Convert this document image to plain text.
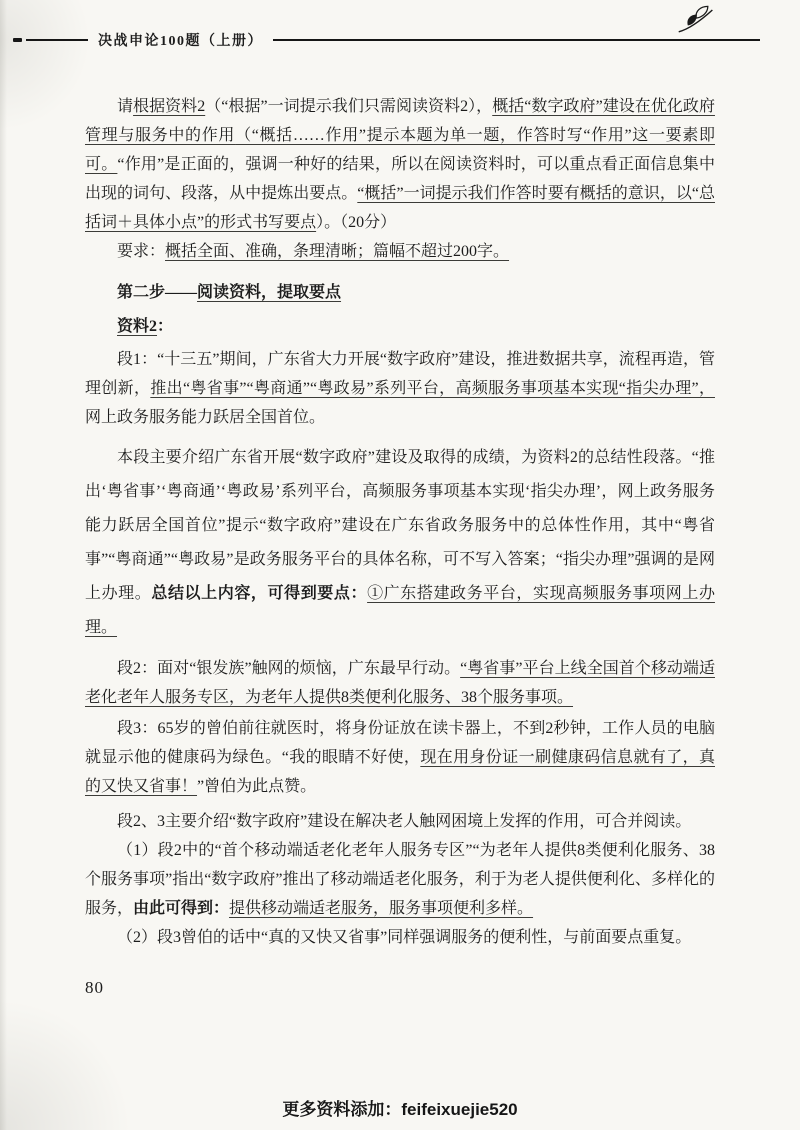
决战申论100题（上册）

请根据资料2（“根据”一词提示我们只需阅读资料2），概括“数字政府”建设在优化政府管理与服务中的作用（“概括……作用”提示本题为单一题，作答时写“作用”这一要素即可。“作用”是正面的，强调一种好的结果，所以在阅读资料时，可以重点看正面信息集中出现的词句、段落，从中提炼出要点。“概括”一词提示我们作答时要有概括的意识，以“总括词＋具体小点”的形式书写要点）。（20分）

要求：概括全面、准确，条理清晰；篇幅不超过200字。

第二步——阅读资料，提取要点

资料2：

段1：“十三五”期间，广东省大力开展“数字政府”建设，推进数据共享，流程再造，管理创新，推出“粤省事”“粤商通”“粤政易”系列平台，高频服务事项基本实现“指尖办理”，网上政务服务能力跃居全国首位。

本段主要介绍广东省开展“数字政府”建设及取得的成绩，为资料2的总结性段落。“推出‘粤省事’‘粤商通’‘粤政易’系列平台，高频服务事项基本实现‘指尖办理’，网上政务服务能力跃居全国首位”提示“数字政府”建设在广东省政务服务中的总体性作用，其中“粤省事”“粤商通”“粤政易”是政务服务平台的具体名称，可不写入答案；“指尖办理”强调的是网上办理。总结以上内容，可得到要点：①广东搭建政务平台，实现高频服务事项网上办理。

段2：面对“银发族”触网的烦恼，广东最早行动。“粤省事”平台上线全国首个移动端适老化老年人服务专区，为老年人提供8类便利化服务、38个服务事项。

段3：65岁的曾伯前往就医时，将身份证放在读卡器上，不到2秒钟，工作人员的电脑就显示他的健康码为绿色。“我的眼睛不好使，现在用身份证一刷健康码信息就有了，真的又快又省事！”曾伯为此点赞。

段2、3主要介绍“数字政府”建设在解决老人触网困境上发挥的作用，可合并阅读。

（1）段2中的“首个移动端适老化老年人服务专区”“为老年人提供8类便利化服务、38个服务事项”指出“数字政府”推出了移动端适老化服务，利于为老人提供便利化、多样化的服务，由此可得到：提供移动端适老服务，服务事项便利多样。

（2）段3曾伯的话中“真的又快又省事”同样强调服务的便利性，与前面要点重复。

80
更多资料添加：feifeixuejie520
